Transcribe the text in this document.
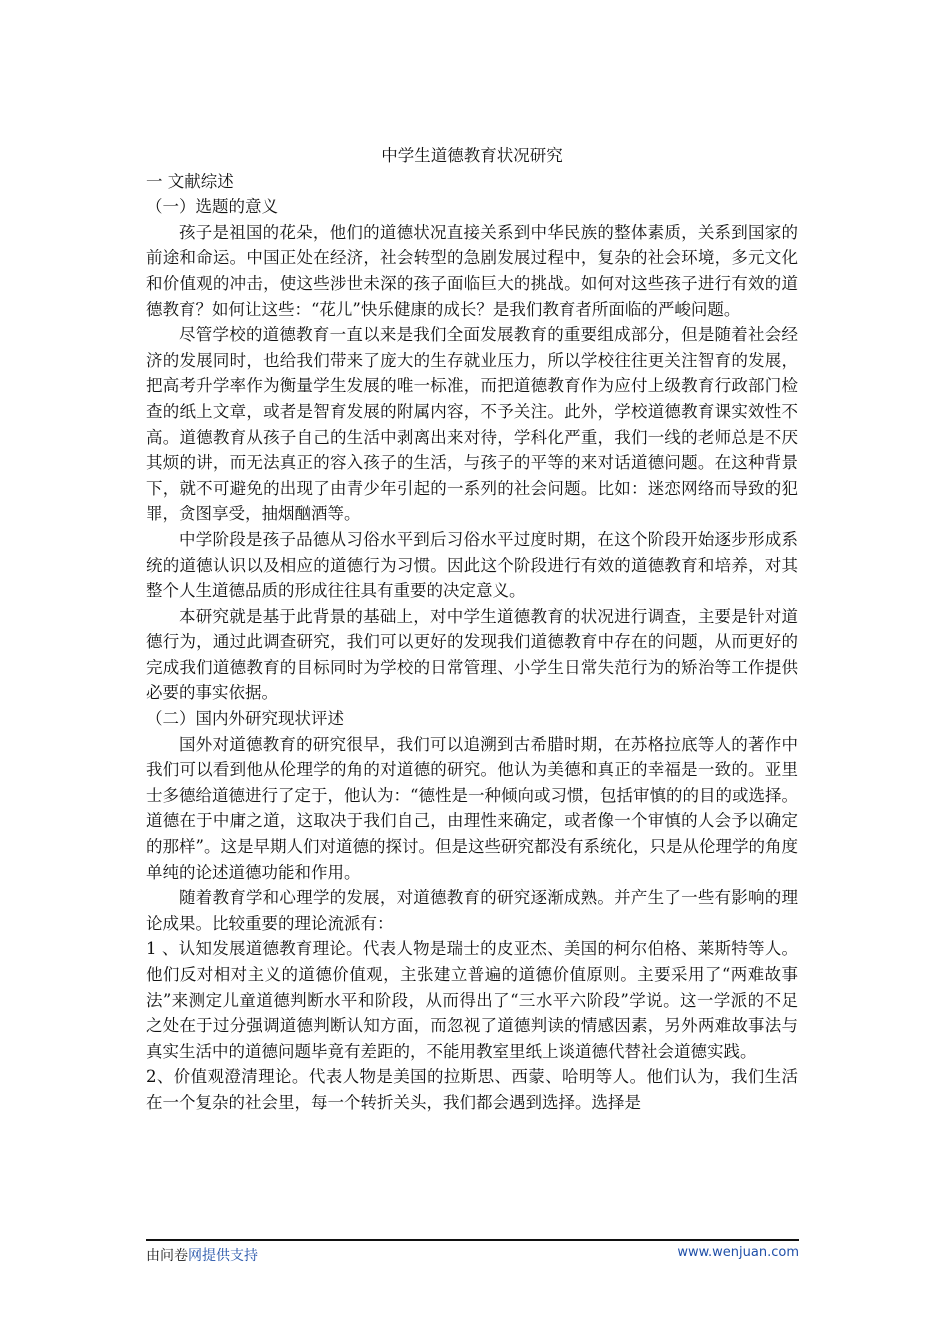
中学生道德教育状况研究

一 文献综述

（一）选题的意义

孩子是祖国的花朵，他们的道德状况直接关系到中华民族的整体素质，关系到国家的前途和命运。中国正处在经济，社会转型的急剧发展过程中，复杂的社会环境，多元文化和价值观的冲击，使这些涉世未深的孩子面临巨大的挑战。如何对这些孩子进行有效的道德教育？如何让这些：“花儿”快乐健康的成长？是我们教育者所面临的严峻问题。

尽管学校的道德教育一直以来是我们全面发展教育的重要组成部分，但是随着社会经济的发展同时，也给我们带来了庞大的生存就业压力，所以学校往往更关注智育的发展，把高考升学率作为衡量学生发展的唯一标准，而把道德教育作为应付上级教育行政部门检查的纸上文章，或者是智育发展的附属内容，不予关注。此外，学校道德教育课实效性不高。道德教育从孩子自己的生活中剥离出来对待，学科化严重，我们一线的老师总是不厌其烦的讲，而无法真正的容入孩子的生活，与孩子的平等的来对话道德问题。在这种背景下，就不可避免的出现了由青少年引起的一系列的社会问题。比如：迷恋网络而导致的犯罪，贪图享受，抽烟酗酒等。

中学阶段是孩子品德从习俗水平到后习俗水平过度时期，在这个阶段开始逐步形成系统的道德认识以及相应的道德行为习惯。因此这个阶段进行有效的道德教育和培养，对其整个人生道德品质的形成往往具有重要的决定意义。

本研究就是基于此背景的基础上，对中学生道德教育的状况进行调查，主要是针对道德行为，通过此调查研究，我们可以更好的发现我们道德教育中存在的问题，从而更好的完成我们道德教育的目标同时为学校的日常管理、小学生日常失范行为的矫治等工作提供必要的事实依据。

（二）国内外研究现状评述

国外对道德教育的研究很早，我们可以追溯到古希腊时期，在苏格拉底等人的著作中我们可以看到他从伦理学的角的对道德的研究。他认为美德和真正的幸福是一致的。亚里士多德给道德进行了定于，他认为：“德性是一种倾向或习惯，包括审慎的的目的或选择。道德在于中庸之道，这取决于我们自己，由理性来确定，或者像一个审慎的人会予以确定的那样”。这是早期人们对道德的探讨。但是这些研究都没有系统化，只是从伦理学的角度单纯的论述道德功能和作用。

随着教育学和心理学的发展，对道德教育的研究逐渐成熟。并产生了一些有影响的理论成果。比较重要的理论流派有：

1 、认知发展道德教育理论。代表人物是瑞士的皮亚杰、美国的柯尔伯格、莱斯特等人。他们反对相对主义的道德价值观，主张建立普遍的道德价值原则。主要采用了“两难故事法”来测定儿童道德判断水平和阶段，从而得出了“三水平六阶段”学说。这一学派的不足之处在于过分强调道德判断认知方面，而忽视了道德判读的情感因素，另外两难故事法与真实生活中的道德问题毕竟有差距的，不能用教室里纸上谈道德代替社会道德实践。

2、价值观澄清理论。代表人物是美国的拉斯思、西蒙、哈明等人。他们认为，我们生活在一个复杂的社会里，每一个转折关头，我们都会遇到选择。选择是

由问卷网提供支持	www.wenjuan.com
